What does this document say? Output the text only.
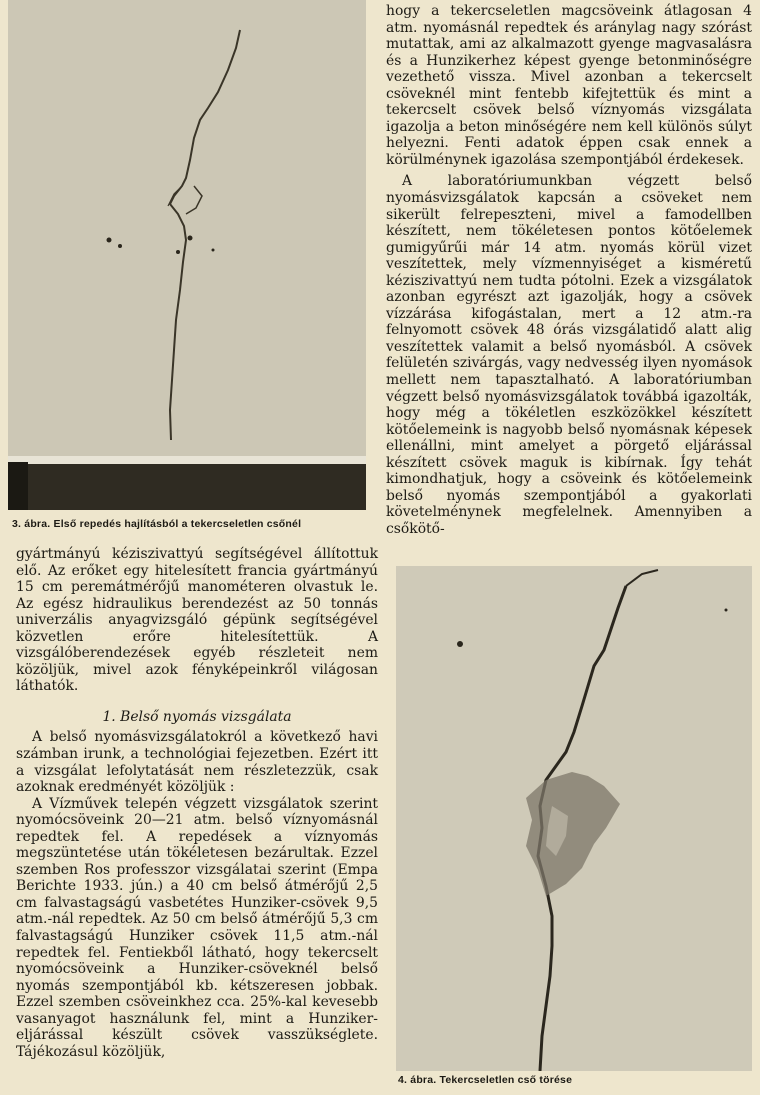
3. ábra. Első repedés hajlításból a tekercseletlen csőnél
4. ábra. Tekercseletlen cső törése

hogy a tekercseletlen magcsöveink átlagosan 4 atm. nyomásnál repedtek és aránylag nagy szórást mutattak, ami az alkalmazott gyenge magvasalásra és a Hunzikerhez képest gyenge betonminőségre vezethető vissza. Mivel azonban a tekercselt csöveknél mint fentebb kifejtettük és mint a tekercselt csövek belső víznyomás vizsgálata igazolja a beton minőségére nem kell különös súlyt helyezni. Fenti adatok éppen csak ennek a körülménynek igazolása szempontjából érdekesek.

A laboratóriumunkban végzett belső nyomásvizsgálatok kapcsán a csöveket nem sikerült felrepeszteni, mivel a famodellben készített, nem tökéletesen pontos kötőelemek gumigyűrűi már 14 atm. nyomás körül vizet veszítettek, mely vízmennyiséget a kisméretű kéziszivattyú nem tudta pótolni. Ezek a vizsgálatok azonban egyrészt azt igazolják, hogy a csövek vízzárása kifogástalan, mert a 12 atm.-ra felnyomott csövek 48 órás vizsgálatidő alatt alig veszítettek valamit a belső nyomásból. A csövek felületén szivárgás, vagy nedvesség ilyen nyomások mellett nem tapasztalható. A laboratóriumban végzett belső nyomásvizsgálatok továbbá igazolták, hogy még a tökéletlen eszközökkel készített kötőelemeink is nagyobb belső nyomásnak képesek ellenállni, mint amelyet a pörgető eljárással készített csövek maguk is kibírnak. Így tehát kimondhatjuk, hogy a csöveink és kötőelemeink belső nyomás szempontjából a gyakorlati követelménynek megfelelnek. Amennyiben a csőkötő-

gyártmányú kéziszivattyú segítségével állítottuk elő. Az erőket egy hitelesített francia gyártmányú 15 cm peremátmérőjű manométeren olvastuk le. Az egész hidraulikus berendezést az 50 tonnás univerzális anyagvizsgáló gépünk segítségével közvetlen erőre hitelesítettük. A vizsgálóberendezések egyéb részleteit nem közöljük, mivel azok fényképeinkről világosan láthatók.

1. Belső nyomás vizsgálata

A belső nyomásvizsgálatokról a következő havi számban irunk, a technológiai fejezetben. Ezért itt a vizsgálat lefolytatását nem részletezzük, csak azoknak eredményét közöljük :

A Vízművek telepén végzett vizsgálatok szerint nyomócsöveink 20—21 atm. belső víznyomásnál repedtek fel. A repedések a víznyomás megszüntetése után tökéletesen bezárultak. Ezzel szemben Ros professzor vizsgálatai szerint (Empa Berichte 1933. jún.) a 40 cm belső átmérőjű 2,5 cm falvastagságú vasbetétes Hunziker-csövek 9,5 atm.-nál repedtek. Az 50 cm belső átmérőjű 5,3 cm falvastagságú Hunziker csövek 11,5 atm.-nál repedtek fel. Fentiekből látható, hogy tekercselt nyomócsöveink a Hunziker-csöveknél belső nyomás szempontjából kb. kétszeresen jobbak. Ezzel szemben csöveinkhez cca. 25%-kal kevesebb vasanyagot használunk fel, mint a Hunziker-eljárással készült csövek vasszükséglete. Tájékozásul közöljük,
